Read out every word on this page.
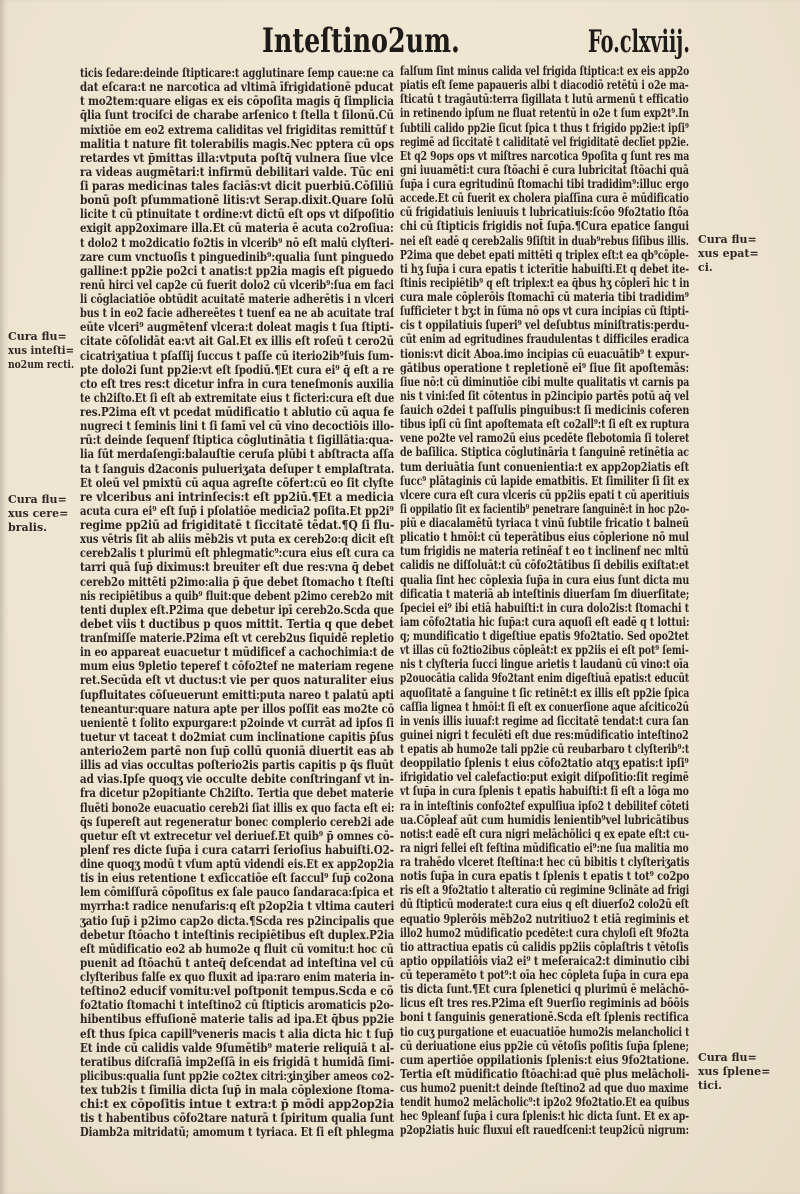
Inteſtino2um.	Fo.clxviij.
ticis ſedare:deinde ſtipticare:t agglutinare ſemp caue:ne ca
dat eſcara:t ne narcotica ad vltimā īfrigidationē pducat
t mo2tem:quare eligas ex eis cōpoſita magis q̄ ſimplicia
q̄lia ſunt trociſci de charabe arſenico t ſtella t ſilonū.Cū
mixtiōe em eo2 extrema caliditas vel frigiditas remittūf t
malitia t nature fit tolerabilis magis.Nec pptera cū ops
retardes vt p̄mittas illa:vtputa poſtq̄ vulnera ſiue vlce
ra videas augmētari:t infirmū debilitari valde. Tūc eni
ſi paras medicinas tales faciās:vt dicit puerbiū.Cōſiliū
bonū poſt pſummationē litis:vt Serap.dixit.Quare ſolū
licite t cū ptinuitate t ordine:vt dictū eſt ops vt diſpoſitio
exigit app2oximare illa.Et cū materia ē acuta co2roſiua:
t dolo2 t mo2dicatio fo2tis in vlcerib⁹ nō eſt malū clyſteri-
zare cum vnctuoſis t pinguedinib⁹:qualia ſunt pinguedo
galline:t pp2ie po2ci t anatis:t pp2ia magis eſt piguedo
renū hirci vel cap2e cū fuerit dolo2 cū vlcerib⁹:ſua em faci
li cōglaciatiōe obtūdit acuitatē materie adherētis i n vlceri
bus t in eo2 facie adhereētes t tuenf ea ne ab acuitate traſ
eūte vlceri⁹ augmētenf vlcera:t doleat magis t ſua ſtipti-
citate cōſolidāt ea:vt ait Gal.Et ex illis eſt roſeū t cero2ū
cicatriʒatiua t pſaſſij ſuccus t paſſe cū iterio2ib⁹ſuis ſum-
pte dolo2i ſunt pp2ie:vt eſt ſpodiū.¶Et cura ei⁹ q̄ eſt a re
cto eſt tres res:t dicetur infra in cura teneſmonis auxilia
te ch2iſto.Et ſi eſt ab extremitate eius t ficteri:cura eſt due
res.P2ima eſt vt pcedat mūdificatio t ablutio cū aqua fe
nugreci t ſeminis lini t ſi ſamī vel cū vino decoctiōis illo-
rū:t deinde ſequenf ſtiptica cōglutinātia t ſigillātia:qua-
lia ſūt merdaſengī:balauſtie ceruſa plūbi t abſtracta aſſa
ta t ſanguis d2aconis pulueriʒata deſuper t emplaſtrata.
Et oleū vel pmixtū cū aqua agreſte cōfert:cū eo ſit clyſte
re vlceribus ani intrinſecis:t eſt pp2iū.¶Et a medicia
acuta cura ei⁹ eſt ſup̄ i pſolatiōe medicīa2 poſita.Et pp2i⁹
regime pp2iū ad frigiditatē t ſiccitatē tēdat.¶Q ſi flu-
xus vētris ſit ab aliis mēb2is vt puta ex cereb2o:q dicit eſt
cereb2alis t plurimū eſt phlegmatic⁹:cura eius eſt cura ca
tarri quā ſup̄ diximus:t breuiter eſt due res:vna q̄ debet
cereb2o mittēti p2imo:alia p̄ q̄ue debet ſtomacho t ſteſti
nis recipiētibus a quib⁹ fluit:que debent p2imo cereb2o mit
tenti duplex eſt.P2ima que debetur ipī cereb2o.Scda que
debet viis t ductibus p quos mittit. Tertia q que debet
tranſmiſſe materie.P2ima eſt vt cereb2us ſiquidē repletio
in eo appareat euacuetur t mūdificef a cachochimia:t de
mum eius 9pletio teperef t cōfo2tef ne materiam regene
ret.Secūda eſt vt ductus:t vie per quos naturaliter eius
ſupfluitates cōſueuerunt emitti:puta nareo t palatū apti
teneantur:quare natura apte per illos poſſit eas mo2te cō
uenientē t ſolito expurgare:t p2oinde vt currāt ad ipſos ſi
tuetur vt taceat t do2miat cum inclinatione capitis p̄ſus
anterio2em partē non ſup̄ collū quoniā diuertit eas ab
illis ad vias occultas poſterio2is partis capitis p q̄s fluūt
ad vias.Ipſe quoqʒ vie occulte debite conſtringanf vt in-
fra dicetur p2opitiante Ch2iſto. Tertia que debet materie
fluēti bono2e euacuatio cereb2i ſiat illis ex quo facta eſt ei:
q̄s ſupereſt aut regeneratur bonec complerio cereb2i ade
quetur eſt vt extrecetur vel deriuef.Et quib⁹ p̄ omnes cō-
plenf res dicte ſup̄a i cura catarri ſerioſius habuiſti.O2-
dine quoqʒ modū t vſum aptū videndi eis.Et ex app2op2ia
tis in eius retentione t exſiccatiōe eſt ſaccul⁹ ſup̄ co2ona
lem cōmiſſurā cōpoſitus ex ſale pauco ſandaraca:ſpica et
myrrha:t radice nenufaris:q eſt p2op2ia t vltima cauteri
ʒatio ſup̄ i p2imo cap2o dicta.¶Scda res p2incipalis que
debetur ſtōacho t inteſtinis recipiētibus eſt duplex.P2ia
eſt mūdificatio eo2 ab humo2e q fluit cū vomitu:t hoc cū
puenit ad ſtōachū t anteq̄ deſcendat ad inteſtina vel cū
clyſteribus falſe ex quo fluxit ad ipa:raro enim materia in-
teſtino2 educif vomitu:vel poſtponit tempus.Scda e cō
fo2tatio ſtomachi t inteſtino2 cū ſtipticis aromaticis p2o-
hibentibus effuſionē materie talis ad ipa.Et q̄bus pp2ie
eſt thus ſpica capill⁹veneris macis t alia dicta hic t ſup̄
Et inde cū calidis valde 9ſumētib⁹ materie reliquiā t al-
teratibus diſcraſiā imp2eſſā in eis frigidā t humidā ſimi-
plicibus:qualia ſunt pp2ie co2tex citri:ʒinʒiber ameos co2-
tex tub2is t ſimilia dicta ſup̄ in mala cōplexione ſtoma-
chi:t ex cōpoſitis intue t extra:t p̄ mōdi app2op2ia
tis t habentibus cōfo2tare naturā t ſpiritum qualia ſunt
Diamb2a mitridatū; amomum t tyriaca. Et ſi eſt phlegma
falſum ſint minus calida vel frigida ſtiptica:t ex eis app2o
piatis eſt ſeme papaueris albi t diacodiō retētū i o2e ma-
ſticatū t tragāutū:terra ſigillata t lutū armenū t efficatio
in retinendo ipſum ne fluat retentū in o2e t ſum exp2t⁹.In
ſubtili calido pp2ie ſicut ſpica t thus t frigido pp2ie:t ipſi⁹
regimē ad ſiccitatē t caliditatē vel frigiditatē declīet pp2ie.
Et q2 9ops ops vt miſtres narcotica 9poſita q ſunt res ma
gni iuuamēti:t cura ſtōachi ē cura lubricitat̄ ſtōachi quā
ſup̄a i cura egritudinū ſtomachi tibi tradidim⁹:illuc ergo
accede.Et cū fuerit ex cholera piaſſīna cura ē mūdificatio
cū frigidatiuis leniuuis t lubricatiuis:ſcōo 9fo2tatio ſtōa
chi cū ſtipticis frigidis not̄ ſup̄a.¶Cura epatice ſangui
nei eſt eadē q cereb2alis 9ſiſtit in duab⁹rebus ſiſibus illis.
P2ima que debet epati mittēti q triplex eſt:t ea qb⁹cōple-
ti hʒ ſup̄a i cura epatis t icterītie habuiſti.Et q debet ite-
ſtinis recipiētib⁹ q eſt triplex:t ea q̄bus hʒ cōplerī hic t in
cura male cōplerōis ſtomachī cū materia tibi tradidim⁹
ſufficieter t bʒ:t in ſūma nō ops vt cura incipias cū ſtipti-
cis t oppilatiuis ſuperi⁹ vel deſubtus miniſtratis:perdu-
cūt enim ad egritudines fraudulentas t difficiles eradica
tionis:vt dicit Aboa.imo incipias cū euacuātib⁹ t expur-
gātibus operatione t repletionē ei⁹ ſiue ſit apoſtemās:
ſiue nō:t cū diminutiōe cibi multe qualitatis vt carnis pa
nis t vini:ſed ſit cōtentus in p2incipio partēs potū aq̄ vel
ſauich o2dei t paſſulis pinguibus:t ſi medicinis coferen
tibus ipſi cū ſint apoſtemata eſt co2all⁹:t ſi eſt ex ruptura
vene po2te vel ramo2ū eius pcedēte flebotomia ſi toleret
de baſilica. Stiptica cōglutināria t ſanguinē retinētia ac
tum deriuātia ſunt conuenientia:t ex app2op2iatis eſt
ſucc⁹ plātaginis cū lapide ematbitis. Et ſimiliter ſi ſit ex
vlcere cura eſt cura vlceris cū pp2iis epati t cū aperitiuis
ſi oppilatio ſit ex facientib⁹ penetrare ſanguinē:t in hoc p2o-
piū e diacalamētū tyriaca t vinū ſubtile fricatio t balneū
plicatio t hmōi:t cū teperātibus eius cōplerione nō mul
tum frigidis ne materia retinēaf t eo t inclinenf nec mltū
calidis ne diſſoluāt:t cū cōfo2tātibus ſi debilis exiſtat:et
qualia ſint hec cōplexia ſup̄a in cura eius ſunt dicta mu
dificatia t materiā ab inteſtinis diuerſam ſm diuerſitate;
ſpeciei ei⁹ ibi etiā habuiſti:t in cura dolo2is:t ſtomachi t
iam cōfo2tatia hic ſup̄a:t cura aquoſi eſt eadē q t lottui:
q; mundificatio t digeſtiue epatis 9fo2tatio. Sed opo2tet
vt illas cū fo2tio2ibus cōpleāt:t ex pp2iis ei eſt pot⁹ ſemi-
nis t clyſteria ſucci lingue arietis t laudanū cū vino:t oīa
p2ouocātia calida 9fo2tant enim digeſtiuā epatis:t educūt
aquoſitatē a ſanguine t ſic retinēt:t ex illis eſt pp2ie ſpica
caſſia lignea t hmōi:t ſi eſt ex conuerſione aque aſcitico2ū
in venis illis iuuaf:t regime ad ſiccitatē tendat:t cura ſan
guinei nigri t feculēti eſt due res:mūdificatio inteſtino2
t epatis ab humo2e tali pp2ie cū reubarbaro t clyſterib⁹:t
deoppilatio ſplenis t eius cōfo2tatio atqʒ epatis:t ipſi⁹
ifrigidatio vel calefactio:put exigit diſpoſitio:ſit regimē
vt ſup̄a in cura ſplenis t epatis habuiſti:t ſi eſt a lōga mo
ra in inteſtinis confo2tef expulſiua ipſo2 t debilitef cōteti
ua.Cōpleaf aūt cum humidis lenientib⁹vel lubricātibus
notis:t eadē eſt cura nigri melāchōlici q ex epate eſt:t cu-
ra nigri fellei eſt feſtina mūdificatio ei⁹:ne ſua malitia mo
ra trahēdo vlceret ſteſtina:t hec cū bibitis t clyſteriʒatis
notis ſup̄a in cura epatis t ſplenis t epatis t tot⁹ co2po
ris eſt a 9fo2tatio t alteratio cū regimine 9clināte ad frigi
dū ſtipticū moderate:t cura eius q eſt diuerſo2 colo2ū eſt
equatio 9plerōis mēb2o2 nutritiuo2 t etiā regiminis et
illo2 humo2 mūdificatio pcedēte:t cura chyloſi eſt 9fo2ta
tio attractiua epatis cū calidis pp2iis cōplaſtris t vētoſis
aptio oppilatiōis via2 ei⁹ t meſeraica2:t diminutio cibi
cū teperamēto t pot⁹:t oīa hec cōpleta ſup̄a in cura epa
tis dicta ſunt.¶Et cura ſplenetici q plurimū ē melāchō-
licus eſt tres res.P2ima eſt 9uerſio regiminis ad bōōis
boni t ſanguinis generationē.Scda eſt ſplenis rectifica
tio cuʒ purgatione et euacuatiōe humo2is melancholici t
cū deriuatione eius pp2ie cū vētoſis poſitis ſup̄a ſplene;
cum apertiōe oppilationis ſplenis:t eius 9fo2tatione.
Tertia eſt mūdificatio ſtōachi:ad quē plus melācholi-
cus humo2 puenit:t deinde ſteſtino2 ad que duo maxime
tendit humo2 melācholic⁹:t ip2o2 9fo2tatio.Et ea quibus
hec 9pleanf ſup̄a i cura ſplenis:t hic dicta ſunt. Et ex ap-
p2op2iatis huic fluxui eſt rauedſceni:t teup2icū nigrum:
Cura flu=
xus inteſti=
no2um recti.
Cura flu=
xus cere=
bralis.
Cura flu=
xus epat=
ci.
Cura flu=
xus ſplene=
tici.
